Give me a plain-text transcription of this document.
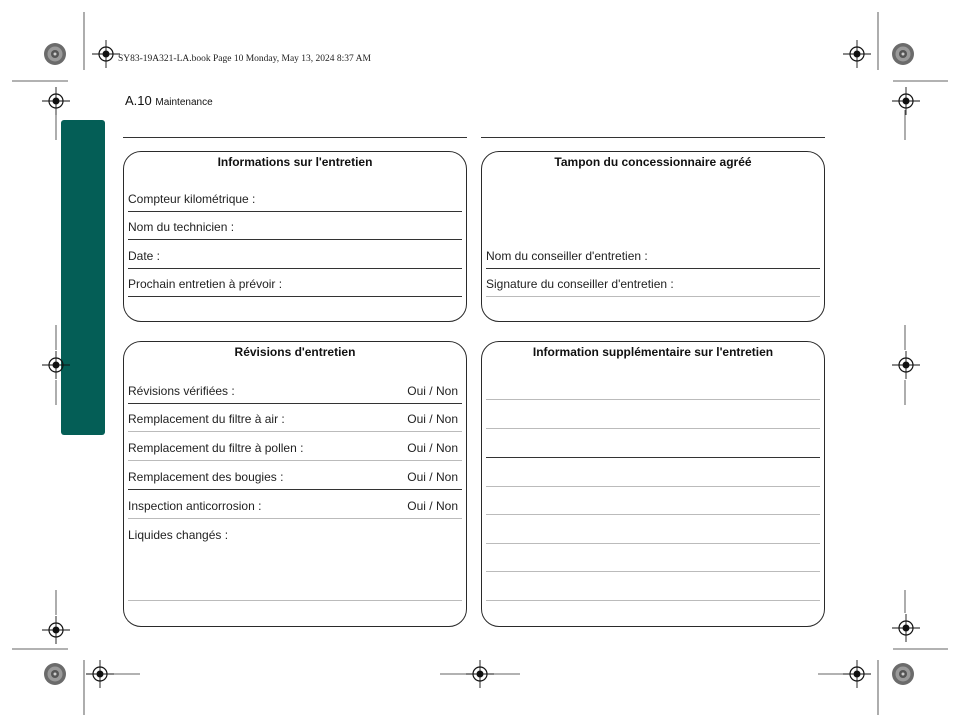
SY83-19A321-LA.book Page 10 Monday, May 13, 2024 8:37 AM
A.10 Maintenance
Informations sur l'entretien
Compteur kilométrique :
Nom du technicien :
Date :
Prochain entretien à prévoir :
Tampon du concessionnaire agréé
Nom du conseiller d'entretien :
Signature du conseiller d'entretien :
Révisions d'entretien
Révisions vérifiées :	Oui / Non
Remplacement du filtre à air :	Oui / Non
Remplacement du filtre à pollen :	Oui / Non
Remplacement des bougies :	Oui / Non
Inspection anticorrosion :	Oui / Non
Liquides changés :
Information supplémentaire sur l'entretien
